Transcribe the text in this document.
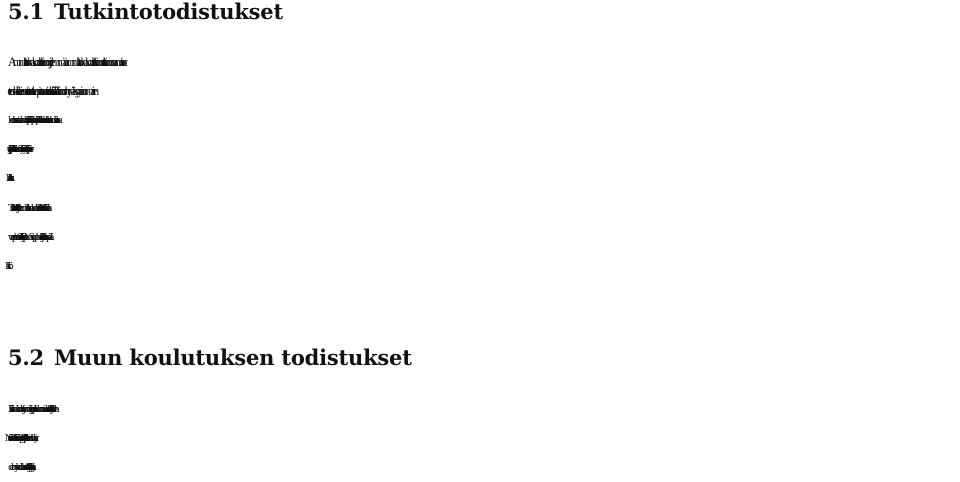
5.1 Tutkintotodistukset
Ammattikorkeakoulututkinnon ja ylemmän ammattikorkeakoulututkinnon tutkinnon saamista var-
ten on kaikkien suoritusten oltava opintosuoritusrekisterissä. Tutkinnon hyväksyy asianomaisen
koulutusvastuun koulutuspäällikkö. Opintoasiainpäällikkö vahvistaa vuosittain valmistumisaikatau-
lun ja opiskelijapalvelut tiedottaa siitä ja muista valmistumiseen liittyvistä käytänteistä opiskelijapor-
taali Pakissa.
Tutkintotodistukset allekirjoittaa ammattikorkeakoulun rehtori. Tutkintotodistuksen liitteenä ole-
van opintosuoritusrekisteriotteen ja Diploma Supplement -asiakirjan allekirjoittaa koulutuspääl-
5.2 Muun koulutuksen todistukset
Erikoistumiskoulutusten ja muiden laajojen opintokokonaisuuksien todistukset allekirjoittaa varareh-
tori. Näiden todistuksen liitteenä olevat opintorekisteriotteet allekirjoittaa opintosihteeri. Muun täy-
dennyskoulutuksen todistukset allekirjoittaa toimialajohtaja.
